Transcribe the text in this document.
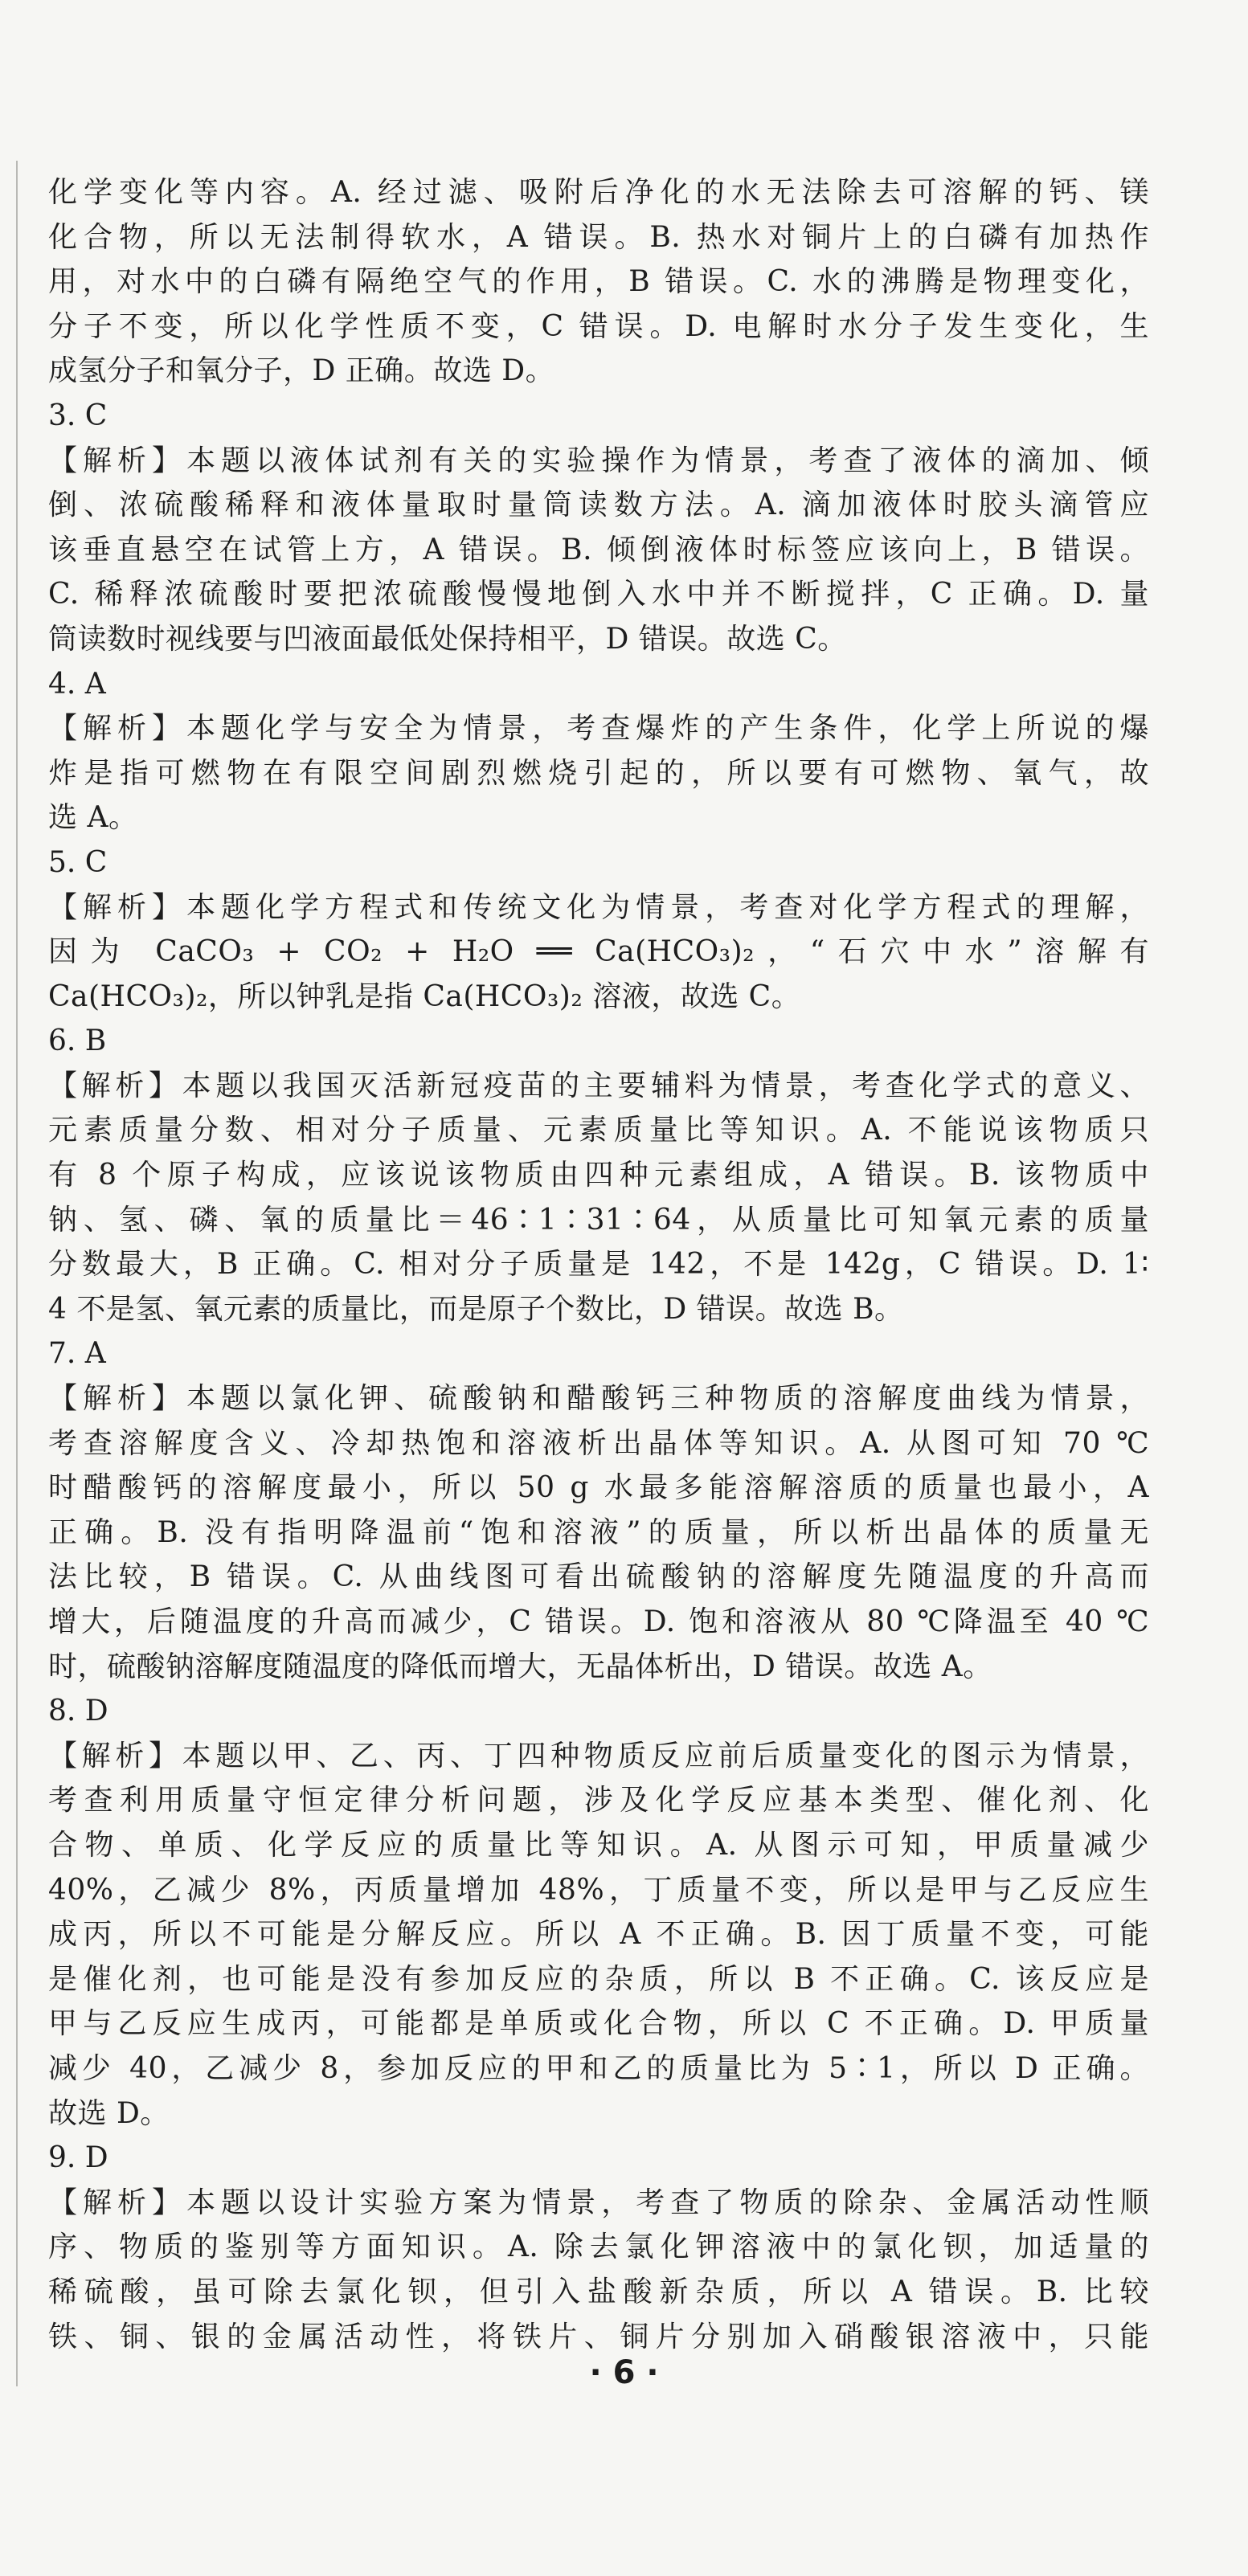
化学变化等内容。A. 经过滤、吸附后净化的水无法除去可溶解的钙、镁
化合物，所以无法制得软水，A 错误。B. 热水对铜片上的白磷有加热作
用，对水中的白磷有隔绝空气的作用，B 错误。C. 水的沸腾是物理变化，
分子不变，所以化学性质不变，C 错误。D. 电解时水分子发生变化，生
成氢分子和氧分子，D 正确。故选 D。
3. C
【解析】本题以液体试剂有关的实验操作为情景，考查了液体的滴加、倾
倒、浓硫酸稀释和液体量取时量筒读数方法。A. 滴加液体时胶头滴管应
该垂直悬空在试管上方，A 错误。B. 倾倒液体时标签应该向上，B 错误。
C. 稀释浓硫酸时要把浓硫酸慢慢地倒入水中并不断搅拌，C 正确。D. 量
筒读数时视线要与凹液面最低处保持相平，D 错误。故选 C。
4. A
【解析】本题化学与安全为情景，考查爆炸的产生条件，化学上所说的爆
炸是指可燃物在有限空间剧烈燃烧引起的，所以要有可燃物、氧气，故
选 A。
5. C
【解析】本题化学方程式和传统文化为情景，考查对化学方程式的理解，
因为 CaCO₃ + CO₂ + H₂O ══ Ca(HCO₃)₂，“石穴中水”溶解有
Ca(HCO₃)₂，所以钟乳是指 Ca(HCO₃)₂ 溶液，故选 C。
6. B
【解析】本题以我国灭活新冠疫苗的主要辅料为情景，考查化学式的意义、
元素质量分数、相对分子质量、元素质量比等知识。A. 不能说该物质只
有 8 个原子构成，应该说该物质由四种元素组成，A 错误。B. 该物质中
钠、氢、磷、氧的质量比＝46∶1∶31∶64，从质量比可知氧元素的质量
分数最大，B 正确。C. 相对分子质量是 142，不是 142g，C 错误。D. 1∶
4 不是氢、氧元素的质量比，而是原子个数比，D 错误。故选 B。
7. A
【解析】本题以氯化钾、硫酸钠和醋酸钙三种物质的溶解度曲线为情景，
考查溶解度含义、冷却热饱和溶液析出晶体等知识。A. 从图可知 70 ℃
时醋酸钙的溶解度最小，所以 50 g 水最多能溶解溶质的质量也最小，A
正确。B. 没有指明降温前“饱和溶液”的质量，所以析出晶体的质量无
法比较，B 错误。C. 从曲线图可看出硫酸钠的溶解度先随温度的升高而
增大，后随温度的升高而减少，C 错误。D. 饱和溶液从 80 ℃降温至 40 ℃
时，硫酸钠溶解度随温度的降低而增大，无晶体析出，D 错误。故选 A。
8. D
【解析】本题以甲、乙、丙、丁四种物质反应前后质量变化的图示为情景，
考查利用质量守恒定律分析问题，涉及化学反应基本类型、催化剂、化
合物、单质、化学反应的质量比等知识。A. 从图示可知，甲质量减少
40%，乙减少 8%，丙质量增加 48%，丁质量不变，所以是甲与乙反应生
成丙，所以不可能是分解反应。所以 A 不正确。B. 因丁质量不变，可能
是催化剂，也可能是没有参加反应的杂质，所以 B 不正确。C. 该反应是
甲与乙反应生成丙，可能都是单质或化合物，所以 C 不正确。D. 甲质量
减少 40，乙减少 8，参加反应的甲和乙的质量比为 5∶1，所以 D 正确。
故选 D。
9. D
【解析】本题以设计实验方案为情景，考查了物质的除杂、金属活动性顺
序、物质的鉴别等方面知识。A. 除去氯化钾溶液中的氯化钡，加适量的
稀硫酸，虽可除去氯化钡，但引入盐酸新杂质，所以 A 错误。B. 比较
铁、铜、银的金属活动性，将铁片、铜片分别加入硝酸银溶液中，只能
· 6 ·
